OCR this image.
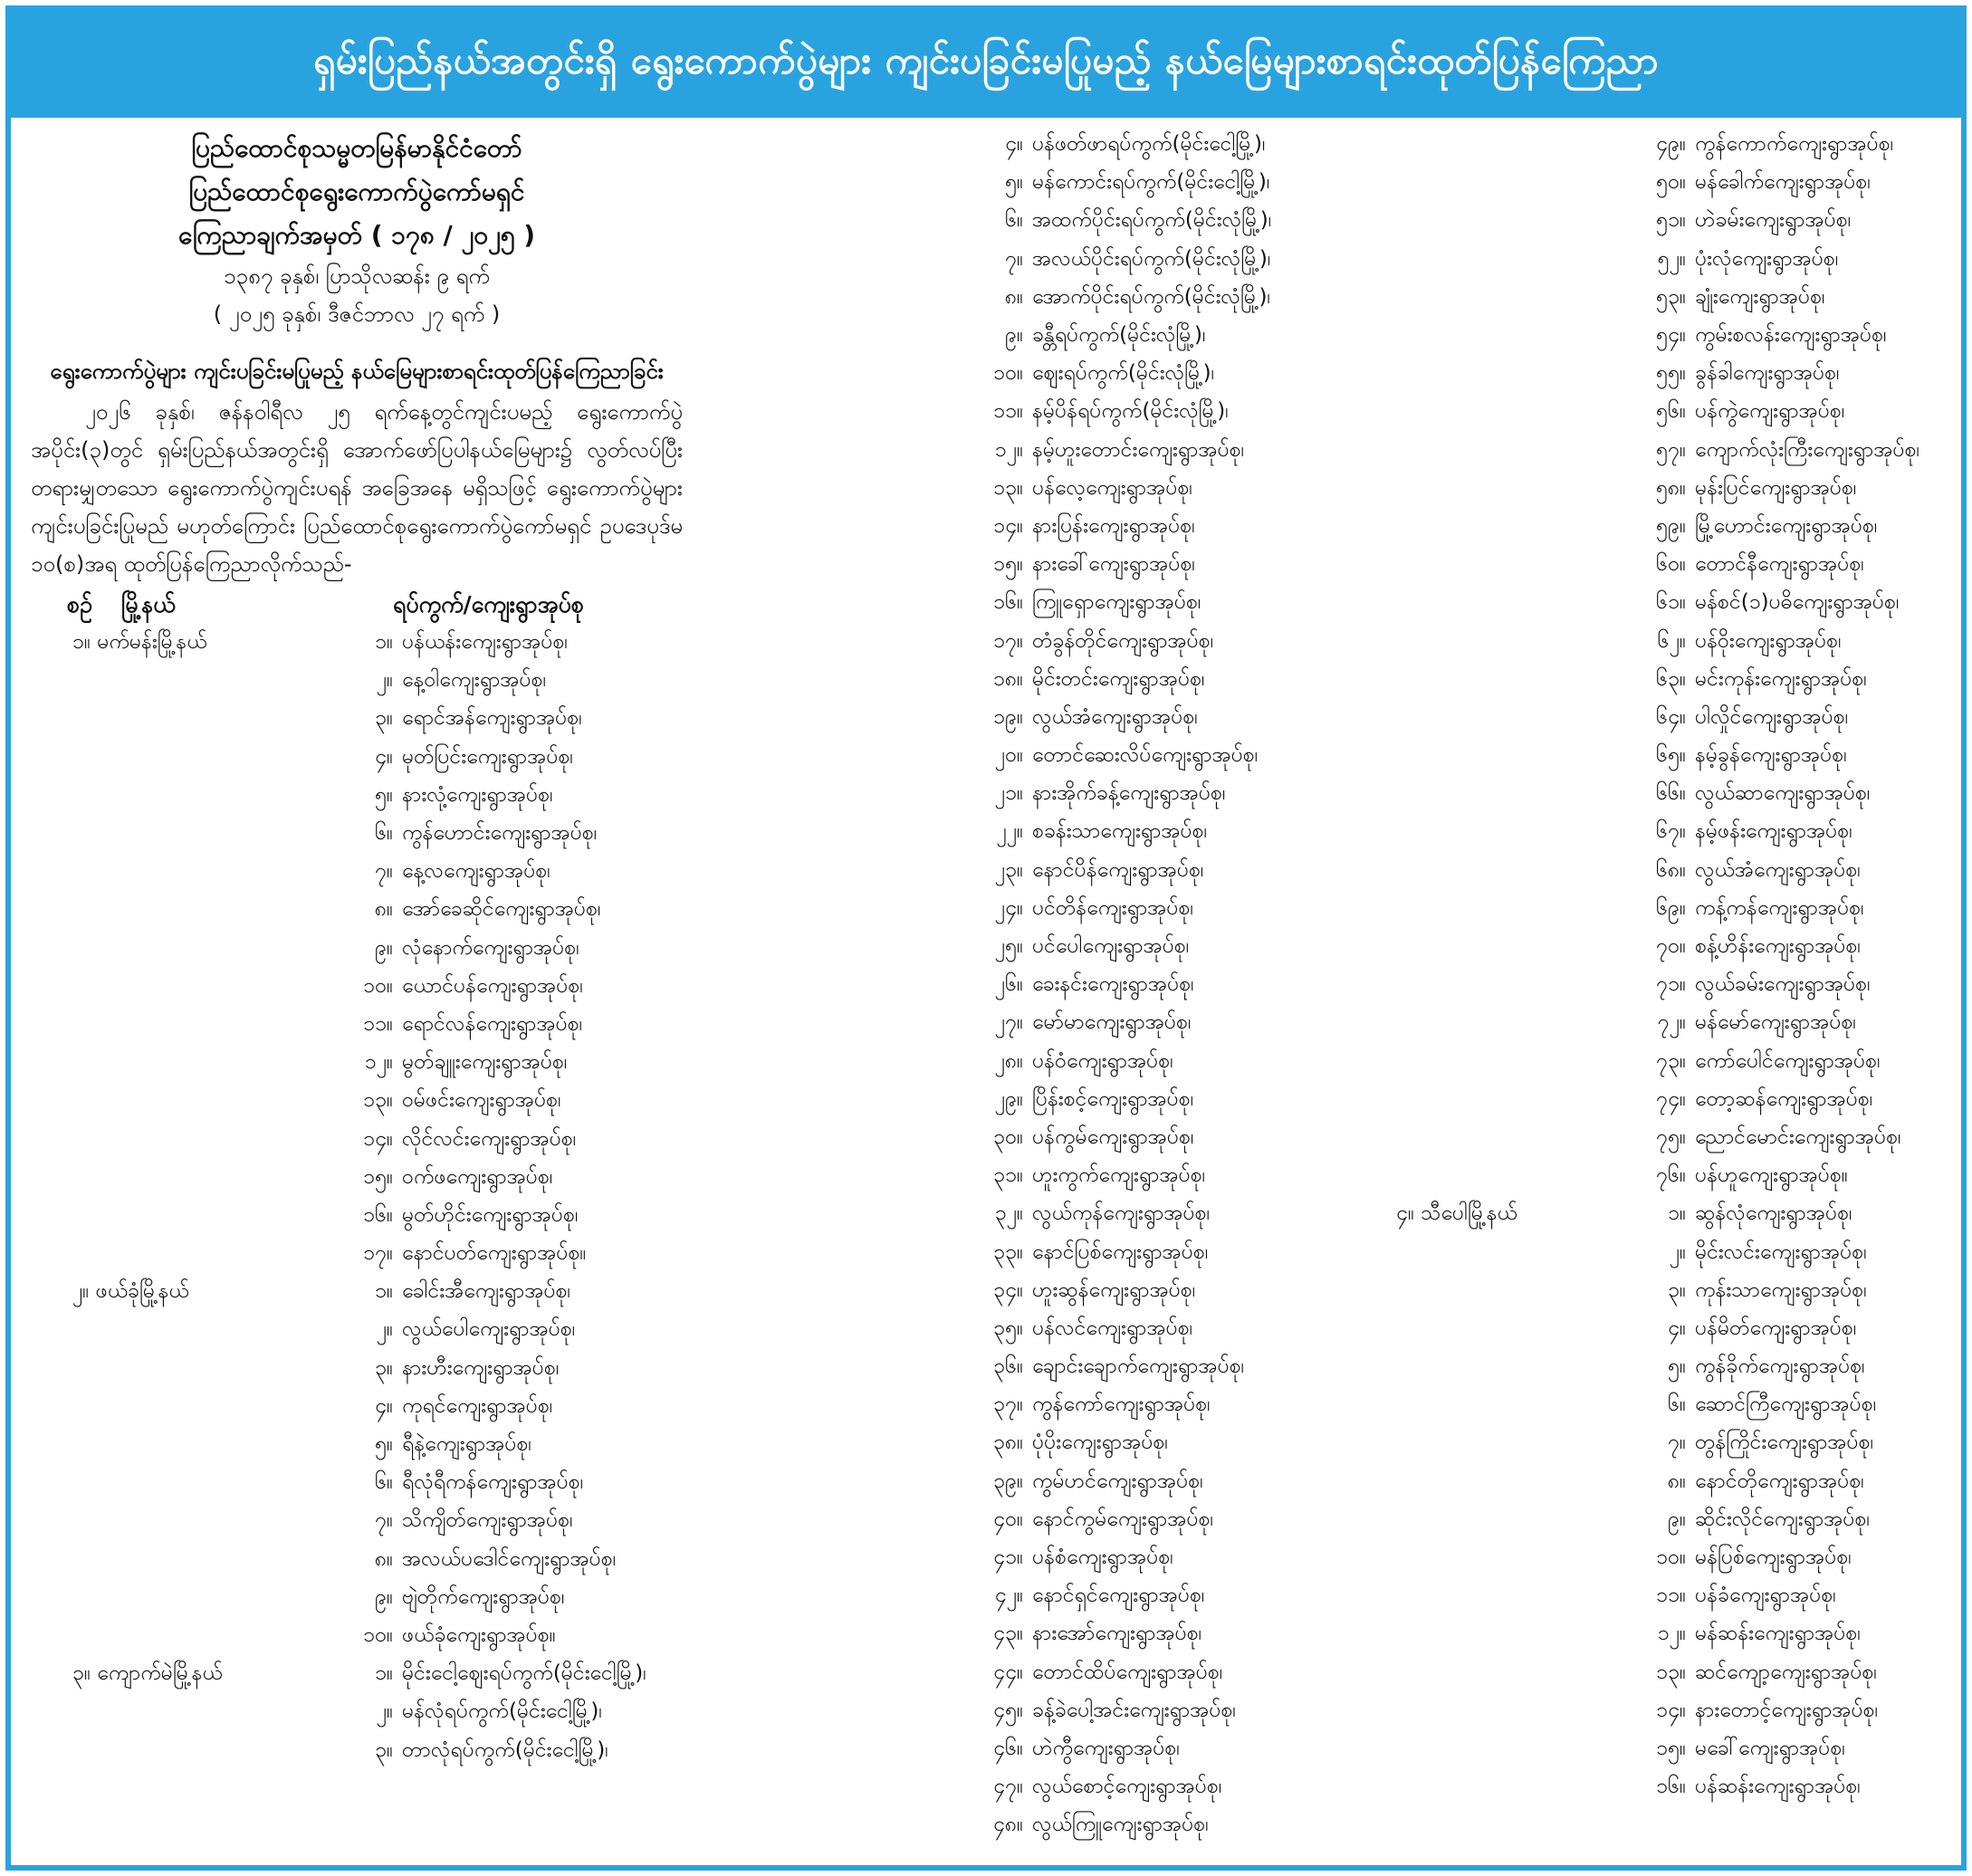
ရှမ်းပြည်နယ်အတွင်းရှိ ရွေးကောက်ပွဲများ ကျင်းပခြင်းမပြုမည့် နယ်မြေများစာရင်းထုတ်ပြန်ကြေညာ
ပြည်ထောင်စုသမ္မတမြန်မာနိုင်ငံတော်
ပြည်ထောင်စုရွေးကောက်ပွဲကော်မရှင်
ကြေညာချက်အမှတ် ( ၁၇၈ / ၂၀၂၅ )
၁၃၈၇ ခုနှစ်၊ ပြာသိုလဆန်း ၉ ရက်
( ၂၀၂၅ ခုနှစ်၊ ဒီဇင်ဘာလ ၂၇ ရက် )
ရွေးကောက်ပွဲများ ကျင်းပခြင်းမပြုမည့် နယ်မြေများစာရင်းထုတ်ပြန်ကြေညာခြင်း
၂၀၂၆ ခုနှစ်၊ ဇန်နဝါရီလ ၂၅ ရက်နေ့တွင်ကျင်းပမည့် ရွေးကောက်ပွဲ အပိုင်း(၃)တွင် ရှမ်းပြည်နယ်အတွင်းရှိ အောက်ဖော်ပြပါနယ်မြေများ၌ လွတ်လပ်ပြီးတရားမျှတသော ရွေးကောက်ပွဲကျင်းပရန် အခြေအနေ မရှိသဖြင့် ရွေးကောက်ပွဲများကျင်းပခြင်းပြုမည် မဟုတ်ကြောင်း ပြည်ထောင်စုရွေးကောက်ပွဲကော်မရှင် ဥပဒေပုဒ်မ ၁၀(စ)အရ ထုတ်ပြန်ကြေညာလိုက်သည်-
စဉ်	မြို့နယ်	ရပ်ကွက်/ကျေးရွာအုပ်စု
၁။ မက်မန်းမြို့နယ်	၁။ ပန်ယန်းကျေးရွာအုပ်စု၊
၂။ နေ့ဝါကျေးရွာအုပ်စု၊
၃။ ရောင်အန်ကျေးရွာအုပ်စု၊
၄။ မုတ်ပြင်းကျေးရွာအုပ်စု၊
၅။ နားလုံ့ကျေးရွာအုပ်စု၊
၆။ ကွန်ဟောင်းကျေးရွာအုပ်စု၊
၇။ နေ့လကျေးရွာအုပ်စု၊
၈။ အော်ခေဆိုင်ကျေးရွာအုပ်စု၊
၉။ လုံနောက်ကျေးရွာအုပ်စု၊
၁၀။ ယောင်ပန်ကျေးရွာအုပ်စု၊
၁၁။ ရောင်လန်ကျေးရွာအုပ်စု၊
၁၂။ မွတ်ချူးကျေးရွာအုပ်စု၊
၁၃။ ဝမ်ဖင်းကျေးရွာအုပ်စု၊
၁၄။ လိုင်လင်းကျေးရွာအုပ်စု၊
၁၅။ ဝက်ဖကျေးရွာအုပ်စု၊
၁၆။ မွတ်ဟိုင်းကျေးရွာအုပ်စု၊
၁၇။ နောင်ပတ်ကျေးရွာအုပ်စု။
၂။ ဖယ်ခုံမြို့နယ်	၁။ ခေါင်းအီကျေးရွာအုပ်စု၊
၂။ လွယ်ပေါကျေးရွာအုပ်စု၊
၃။ နားဟီးကျေးရွာအုပ်စု၊
၄။ ကုရင်ကျေးရွာအုပ်စု၊
၅။ ရီနဲ့ကျေးရွာအုပ်စု၊
၆။ ရီလုံရီကန်ကျေးရွာအုပ်စု၊
၇။ သိကျိတ်ကျေးရွာအုပ်စု၊
၈။ အလယ်ပဒေါင်ကျေးရွာအုပ်စု၊
၉။ ဗျဲတိုက်ကျေးရွာအုပ်စု၊
၁၀။ ဖယ်ခုံကျေးရွာအုပ်စု။
၃။ ကျောက်မဲမြို့နယ်	၁။ မိုင်းငေါ့ဈေးရပ်ကွက်(မိုင်းငေါ့မြို့)၊
၂။ မန်လုံရပ်ကွက်(မိုင်းငေါ့မြို့)၊
၃။ တာလုံရပ်ကွက်(မိုင်းငေါ့မြို့)၊
၄။ ပန်ဖတ်ဖာရပ်ကွက်(မိုင်းငေါ့မြို့)၊
၅။ မန်ကောင်းရပ်ကွက်(မိုင်းငေါ့မြို့)၊
၆။ အထက်ပိုင်းရပ်ကွက်(မိုင်းလုံမြို့)၊
၇။ အလယ်ပိုင်းရပ်ကွက်(မိုင်းလုံမြို့)၊
၈။ အောက်ပိုင်းရပ်ကွက်(မိုင်းလုံမြို့)၊
၉။ ခန္တီရပ်ကွက်(မိုင်းလုံမြို့)၊
၁၀။ ဈေးရပ်ကွက်(မိုင်းလုံမြို့)၊
၁၁။ နမ့်ပိန်ရပ်ကွက်(မိုင်းလုံမြို့)၊
၁၂။ နမ့်ဟူးတောင်းကျေးရွာအုပ်စု၊
၁၃။ ပန်လေ့ကျေးရွာအုပ်စု၊
၁၄။ နားပြန်းကျေးရွာအုပ်စု၊
၁၅။ နားခေါ်ကျေးရွာအုပ်စု၊
၁၆။ ကြူရှောကျေးရွာအုပ်စု၊
၁၇။ တံခွန်တိုင်ကျေးရွာအုပ်စု၊
၁၈။ မိုင်းတင်းကျေးရွာအုပ်စု၊
၁၉။ လွယ်အံကျေးရွာအုပ်စု၊
၂၀။ တောင်ဆေးလိပ်ကျေးရွာအုပ်စု၊
၂၁။ နားအိုက်ခန့်ကျေးရွာအုပ်စု၊
၂၂။ စခန်းသာကျေးရွာအုပ်စု၊
၂၃။ နောင်ပိန်ကျေးရွာအုပ်စု၊
၂၄။ ပင်တိန်ကျေးရွာအုပ်စု၊
၂၅။ ပင်ပေါကျေးရွာအုပ်စု၊
၂၆။ ခေးနင်းကျေးရွာအုပ်စု၊
၂၇။ မော်မာကျေးရွာအုပ်စု၊
၂၈။ ပန်ဝံကျေးရွာအုပ်စု၊
၂၉။ ပြိန်းစင့်ကျေးရွာအုပ်စု၊
၃၀။ ပန်ကွမ်ကျေးရွာအုပ်စု၊
၃၁။ ဟူးကွက်ကျေးရွာအုပ်စု၊
၃၂။ လွယ်ကုန်ကျေးရွာအုပ်စု၊
၃၃။ နောင်ပြစ်ကျေးရွာအုပ်စု၊
၃၄။ ဟူးဆွန်ကျေးရွာအုပ်စု၊
၃၅။ ပန်လင်ကျေးရွာအုပ်စု၊
၃၆။ ချောင်းချောက်ကျေးရွာအုပ်စု၊
၃၇။ ကွန်ကော်ကျေးရွာအုပ်စု၊
၃၈။ ပုံပိုးကျေးရွာအုပ်စု၊
၃၉။ ကွမ်ဟင်ကျေးရွာအုပ်စု၊
၄၀။ နောင်ကွမ်ကျေးရွာအုပ်စု၊
၄၁။ ပန်စံကျေးရွာအုပ်စု၊
၄၂။ နောင်ရှင်ကျေးရွာအုပ်စု၊
၄၃။ နားအော်ကျေးရွာအုပ်စု၊
၄၄။ တောင်ထိပ်ကျေးရွာအုပ်စု၊
၄၅။ ခန့်ခဲပေါ့အင်းကျေးရွာအုပ်စု၊
၄၆။ ဟဲကွီကျေးရွာအုပ်စု၊
၄၇။ လွယ်စောင့်ကျေးရွာအုပ်စု၊
၄၈။ လွယ်ကြူကျေးရွာအုပ်စု၊
၄၉။ ကွန်ကောက်ကျေးရွာအုပ်စု၊
၅၀။ မန်ခေါက်ကျေးရွာအုပ်စု၊
၅၁။ ဟဲခမ်းကျေးရွာအုပ်စု၊
၅၂။ ပုံးလုံကျေးရွာအုပ်စု၊
၅၃။ ချုံးကျေးရွာအုပ်စု၊
၅၄။ ကွမ်းစလန်းကျေးရွာအုပ်စု၊
၅၅။ ခွန်ခါကျေးရွာအုပ်စု၊
၅၆။ ပန်ကွဲကျေးရွာအုပ်စု၊
၅၇။ ကျောက်လုံးကြီးကျေးရွာအုပ်စု၊
၅၈။ မုန်းပြင်ကျေးရွာအုပ်စု၊
၅၉။ မြို့ဟောင်းကျေးရွာအုပ်စု၊
၆၀။ တောင်နီကျေးရွာအုပ်စု၊
၆၁။ မန်စင်(၁)ပဓိကျေးရွာအုပ်စု၊
၆၂။ ပန်ဝိုးကျေးရွာအုပ်စု၊
၆၃။ မင်းကုန်းကျေးရွာအုပ်စု၊
၆၄။ ပါလှိုင်ကျေးရွာအုပ်စု၊
၆၅။ နမ့်ခွန်ကျေးရွာအုပ်စု၊
၆၆။ လွယ်ဆာကျေးရွာအုပ်စု၊
၆၇။ နမ့်ဖန်းကျေးရွာအုပ်စု၊
၆၈။ လွယ်အံကျေးရွာအုပ်စု၊
၆၉။ ကန့်ကန်ကျေးရွာအုပ်စု၊
၇၀။ စန့်ဟိန်းကျေးရွာအုပ်စု၊
၇၁။ လွယ်ခမ်းကျေးရွာအုပ်စု၊
၇၂။ မန်မော်ကျေးရွာအုပ်စု၊
၇၃။ ကော်ပေါင်ကျေးရွာအုပ်စု၊
၇၄။ တော့ဆန်ကျေးရွာအုပ်စု၊
၇၅။ ညောင်မောင်းကျေးရွာအုပ်စု၊
၇၆။ ပန်ဟူကျေးရွာအုပ်စု။
၄။ သီပေါမြို့နယ်	၁။ ဆွန်လုံကျေးရွာအုပ်စု၊
၂။ မိုင်းလင်းကျေးရွာအုပ်စု၊
၃။ ကုန်းသာကျေးရွာအုပ်စု၊
၄။ ပန်မိတ်ကျေးရွာအုပ်စု၊
၅။ ကွန်ခိုက်ကျေးရွာအုပ်စု၊
၆။ ဆောင်ကြီကျေးရွာအုပ်စု၊
၇။ တွန်ကြိုင်းကျေးရွာအုပ်စု၊
၈။ နောင်တိုကျေးရွာအုပ်စု၊
၉။ ဆိုင်းလိုင်ကျေးရွာအုပ်စု၊
၁၀။ မန်ပြစ်ကျေးရွာအုပ်စု၊
၁၁။ ပန်ခံကျေးရွာအုပ်စု၊
၁၂။ မန်ဆန်းကျေးရွာအုပ်စု၊
၁၃။ ဆင်ကျော့ကျေးရွာအုပ်စု၊
၁၄။ နားတောင့်ကျေးရွာအုပ်စု၊
၁၅။ မခေါ်ကျေးရွာအုပ်စု၊
၁၆။ ပန်ဆန်းကျေးရွာအုပ်စု၊
